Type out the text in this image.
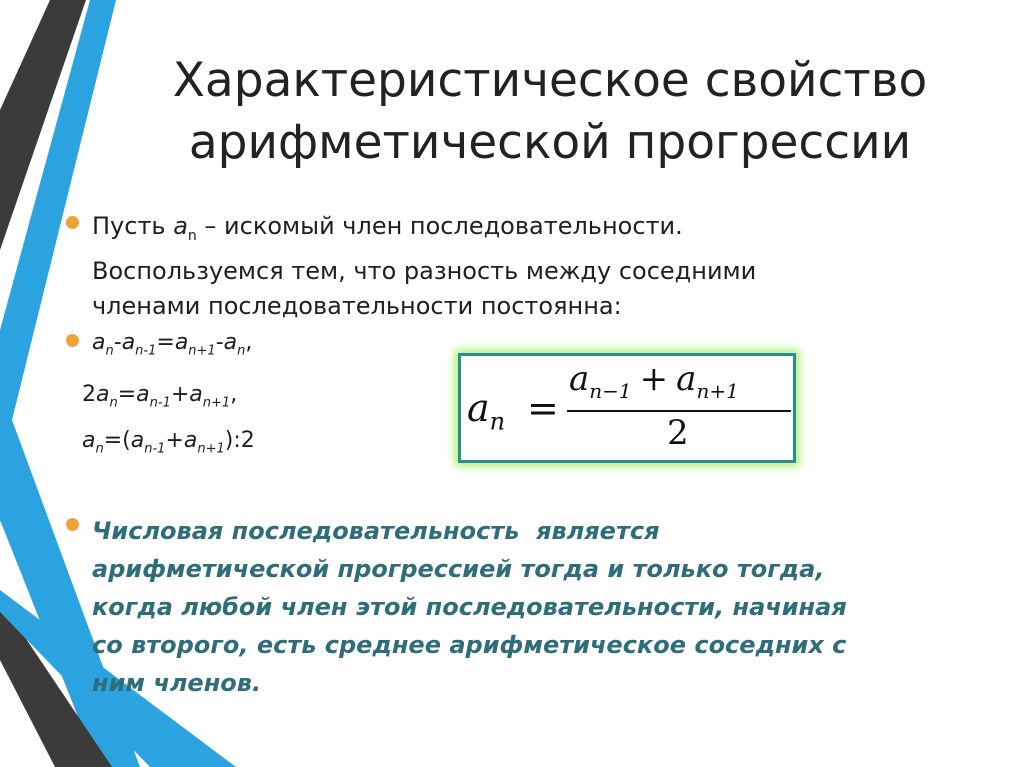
Характеристическое свойство
арифметической прогрессии
Пусть $a_n$ – искомый член последовательности.
Воспользуемся тем, что разность между соседними
членами последовательности постоянна:
$a_n-a_{n-1}=a_{n+1}-a_n$,
$2a_n=a_{n-1}+a_{n+1}$,
$a_n=(a_{n-1}+a_{n+1}):2$
$a_n$ =
$a_{n-1} + a_{n+1}$
2
Числовая последовательность  является
арифметической прогрессией тогда и только тогда,
когда любой член этой последовательности, начиная
со второго, есть среднее арифметическое соседних с
ним членов.
